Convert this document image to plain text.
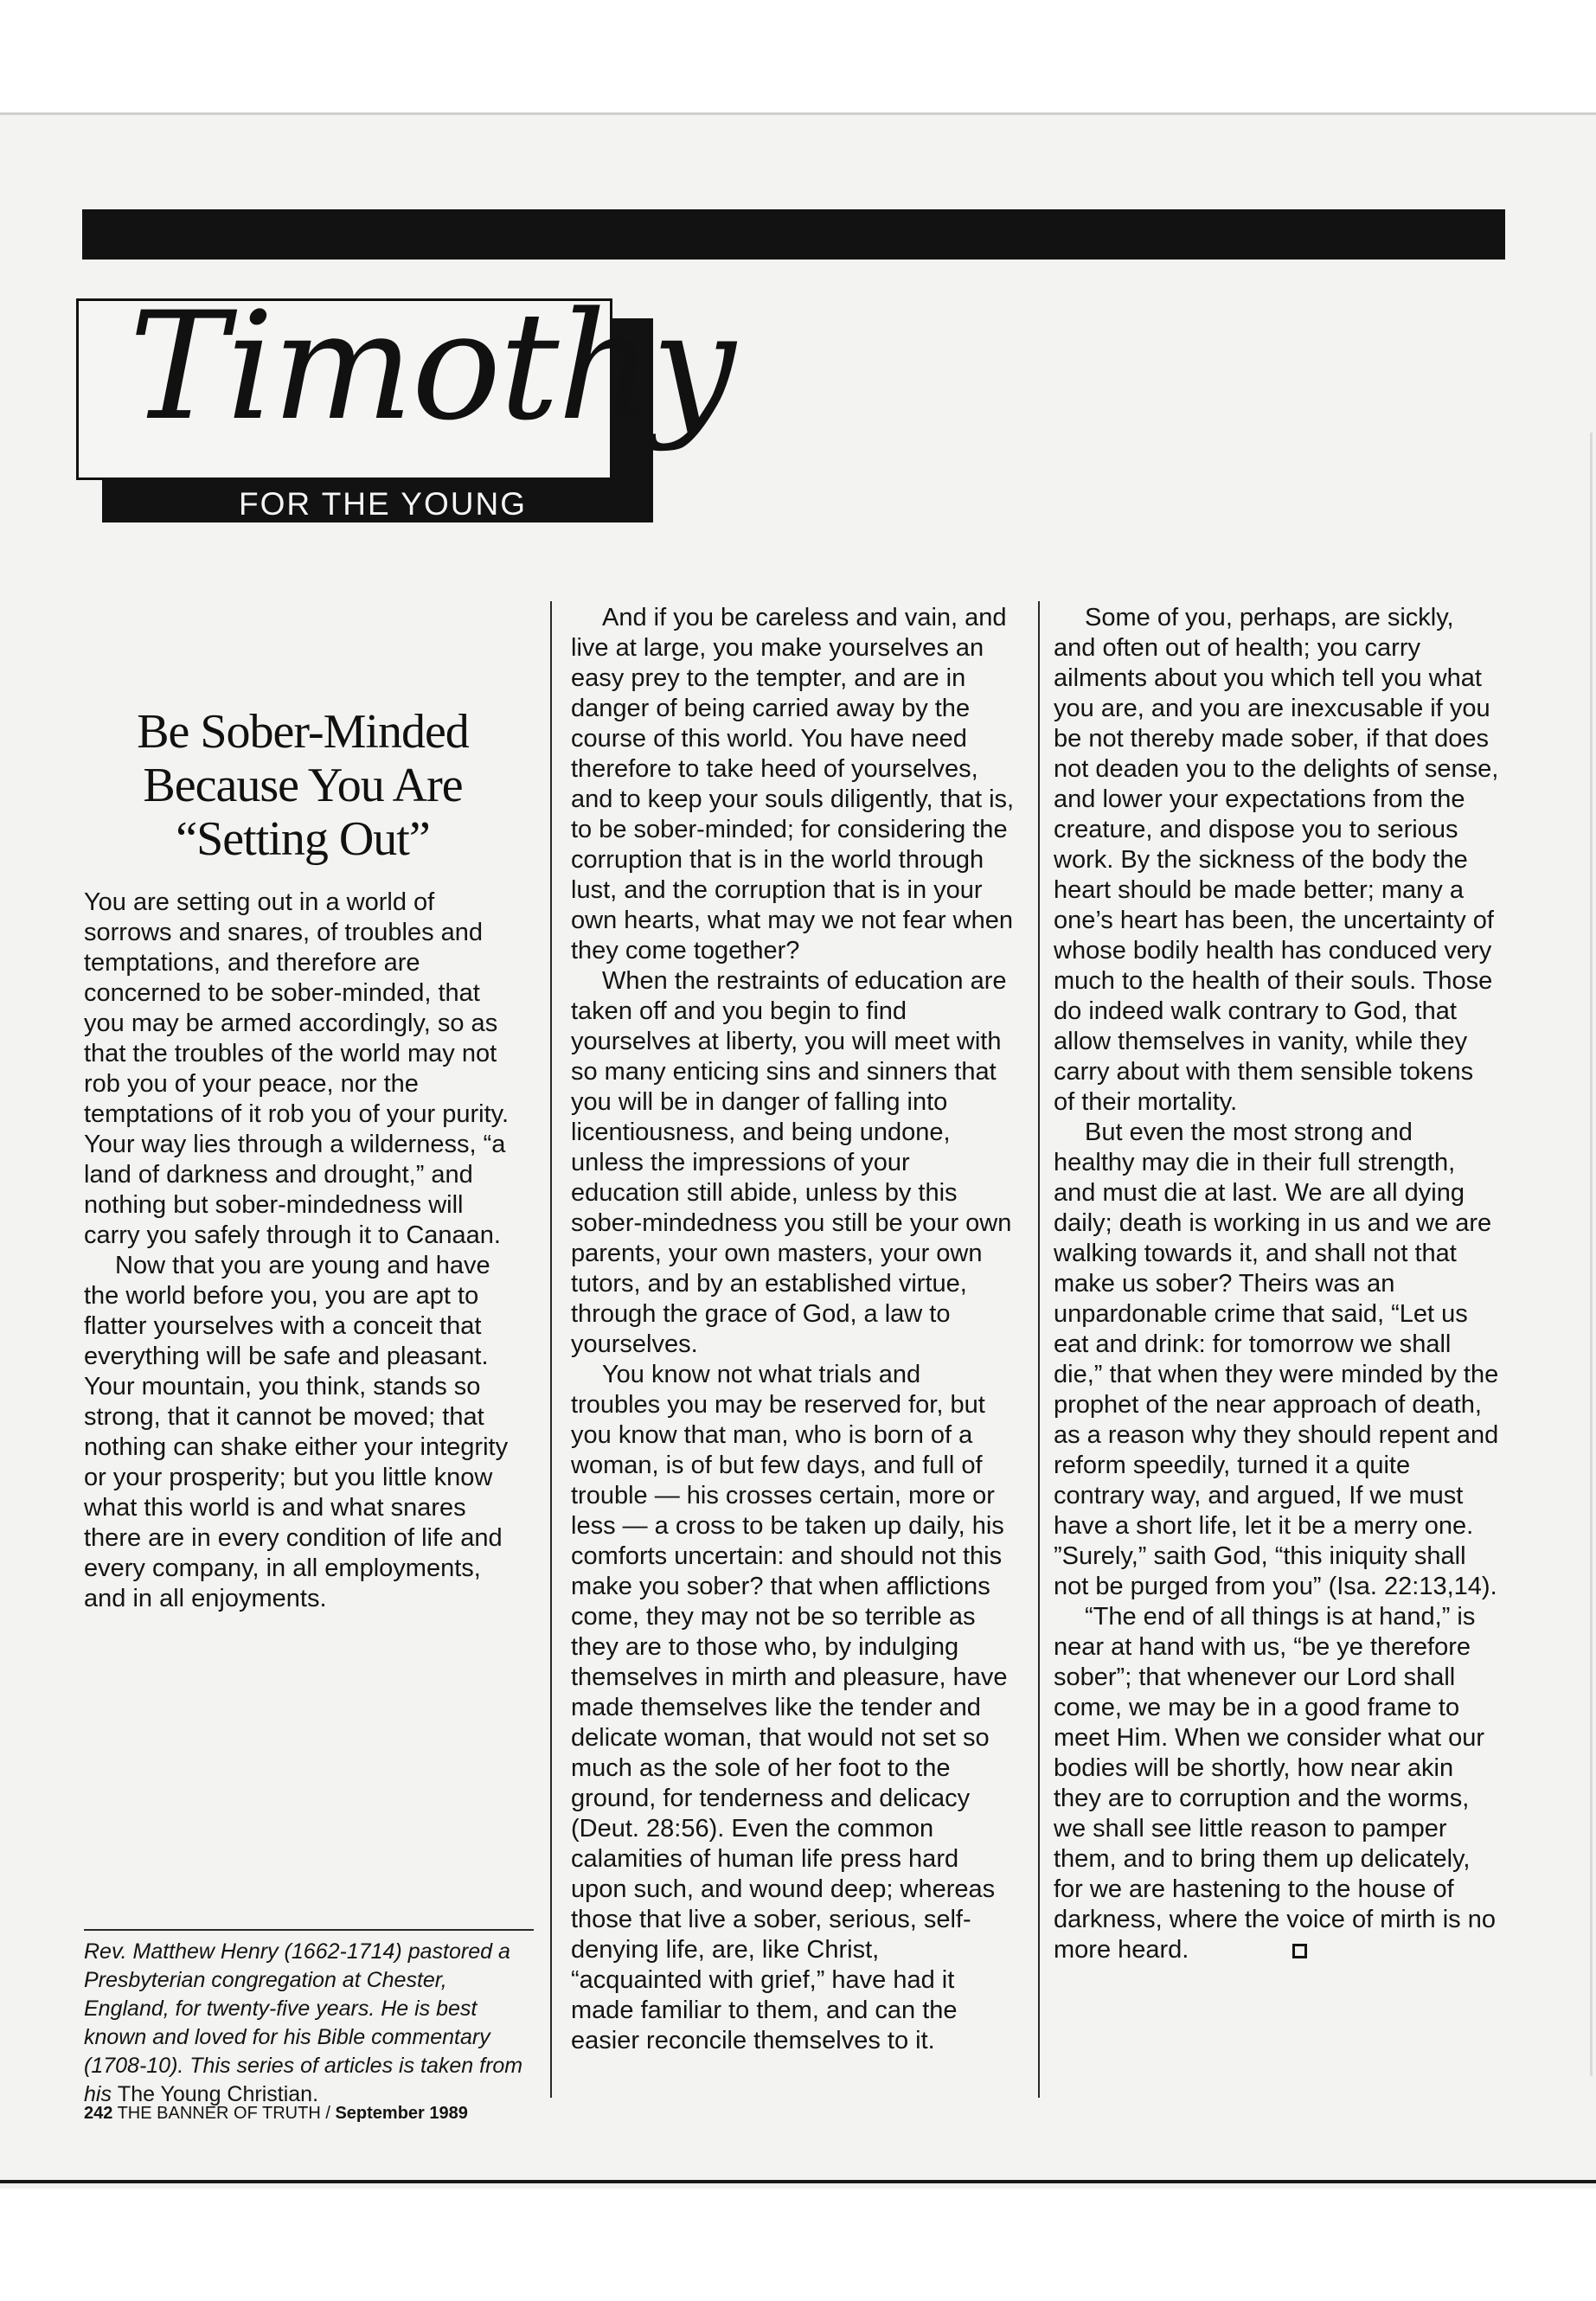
Timothy
FOR THE YOUNG
Be Sober-Minded
Because You Are
“Setting Out”

You are setting out in a world of sorrows and snares, of troubles and temptations, and therefore are concerned to be sober-minded, that you may be armed accordingly, so as that the troubles of the world may not rob you of your peace, nor the temptations of it rob you of your purity. Your way lies through a wilderness, “a land of darkness and drought,” and nothing but sober-mindedness will carry you safely through it to Canaan.

Now that you are young and have the world before you, you are apt to flatter yourselves with a conceit that everything will be safe and pleasant. Your mountain, you think, stands so strong, that it cannot be moved; that nothing can shake either your integrity or your prosperity; but you little know what this world is and what snares there are in every condition of life and every company, in all employments, and in all enjoyments.

And if you be careless and vain, and live at large, you make yourselves an easy prey to the tempter, and are in danger of being carried away by the course of this world. You have need therefore to take heed of yourselves, and to keep your souls diligently, that is, to be sober-minded; for considering the corruption that is in the world through lust, and the corruption that is in your own hearts, what may we not fear when they come together?

When the restraints of education are taken off and you begin to find yourselves at liberty, you will meet with so many enticing sins and sinners that you will be in danger of falling into licentiousness, and being undone, unless the impressions of your education still abide, unless by this sober-mindedness you still be your own parents, your own masters, your own tutors, and by an established virtue, through the grace of God, a law to yourselves.

You know not what trials and troubles you may be reserved for, but you know that man, who is born of a woman, is of but few days, and full of trouble — his crosses certain, more or less — a cross to be taken up daily, his comforts uncertain: and should not this make you sober? that when afflictions come, they may not be so terrible as they are to those who, by indulging themselves in mirth and pleasure, have made themselves like the tender and delicate woman, that would not set so much as the sole of her foot to the ground, for tenderness and delicacy (Deut. 28:56). Even the common calamities of human life press hard upon such, and wound deep; whereas those that live a sober, serious, self-denying life, are, like Christ, “acquainted with grief,” have had it made familiar to them, and can the easier reconcile themselves to it.

Some of you, perhaps, are sickly, and often out of health; you carry ailments about you which tell you what you are, and you are inexcusable if you be not thereby made sober, if that does not deaden you to the delights of sense, and lower your expectations from the creature, and dispose you to serious work. By the sickness of the body the heart should be made better; many a one’s heart has been, the uncertainty of whose bodily health has conduced very much to the health of their souls. Those do indeed walk contrary to God, that allow themselves in vanity, while they carry about with them sensible tokens of their mortality.

But even the most strong and healthy may die in their full strength, and must die at last. We are all dying daily; death is working in us and we are walking towards it, and shall not that make us sober? Theirs was an unpardonable crime that said, “Let us eat and drink: for tomorrow we shall die,” that when they were minded by the prophet of the near approach of death, as a reason why they should repent and reform speedily, turned it a quite contrary way, and argued, If we must have a short life, let it be a merry one. ”Surely,” saith God, “this iniquity shall not be purged from you” (Isa. 22:13,14).

“The end of all things is at hand,” is near at hand with us, “be ye therefore sober”; that whenever our Lord shall come, we may be in a good frame to meet Him. When we consider what our bodies will be shortly, how near akin they are to corruption and the worms, we shall see little reason to pamper them, and to bring them up delicately, for we are hastening to the house of darkness, where the voice of mirth is no more heard.

Rev. Matthew Henry (1662-1714) pastored a Presbyterian congregation at Chester, England, for twenty-five years. He is best known and loved for his Bible commentary (1708-10). This series of articles is taken from his The Young Christian.
242 THE BANNER OF TRUTH / September 1989
